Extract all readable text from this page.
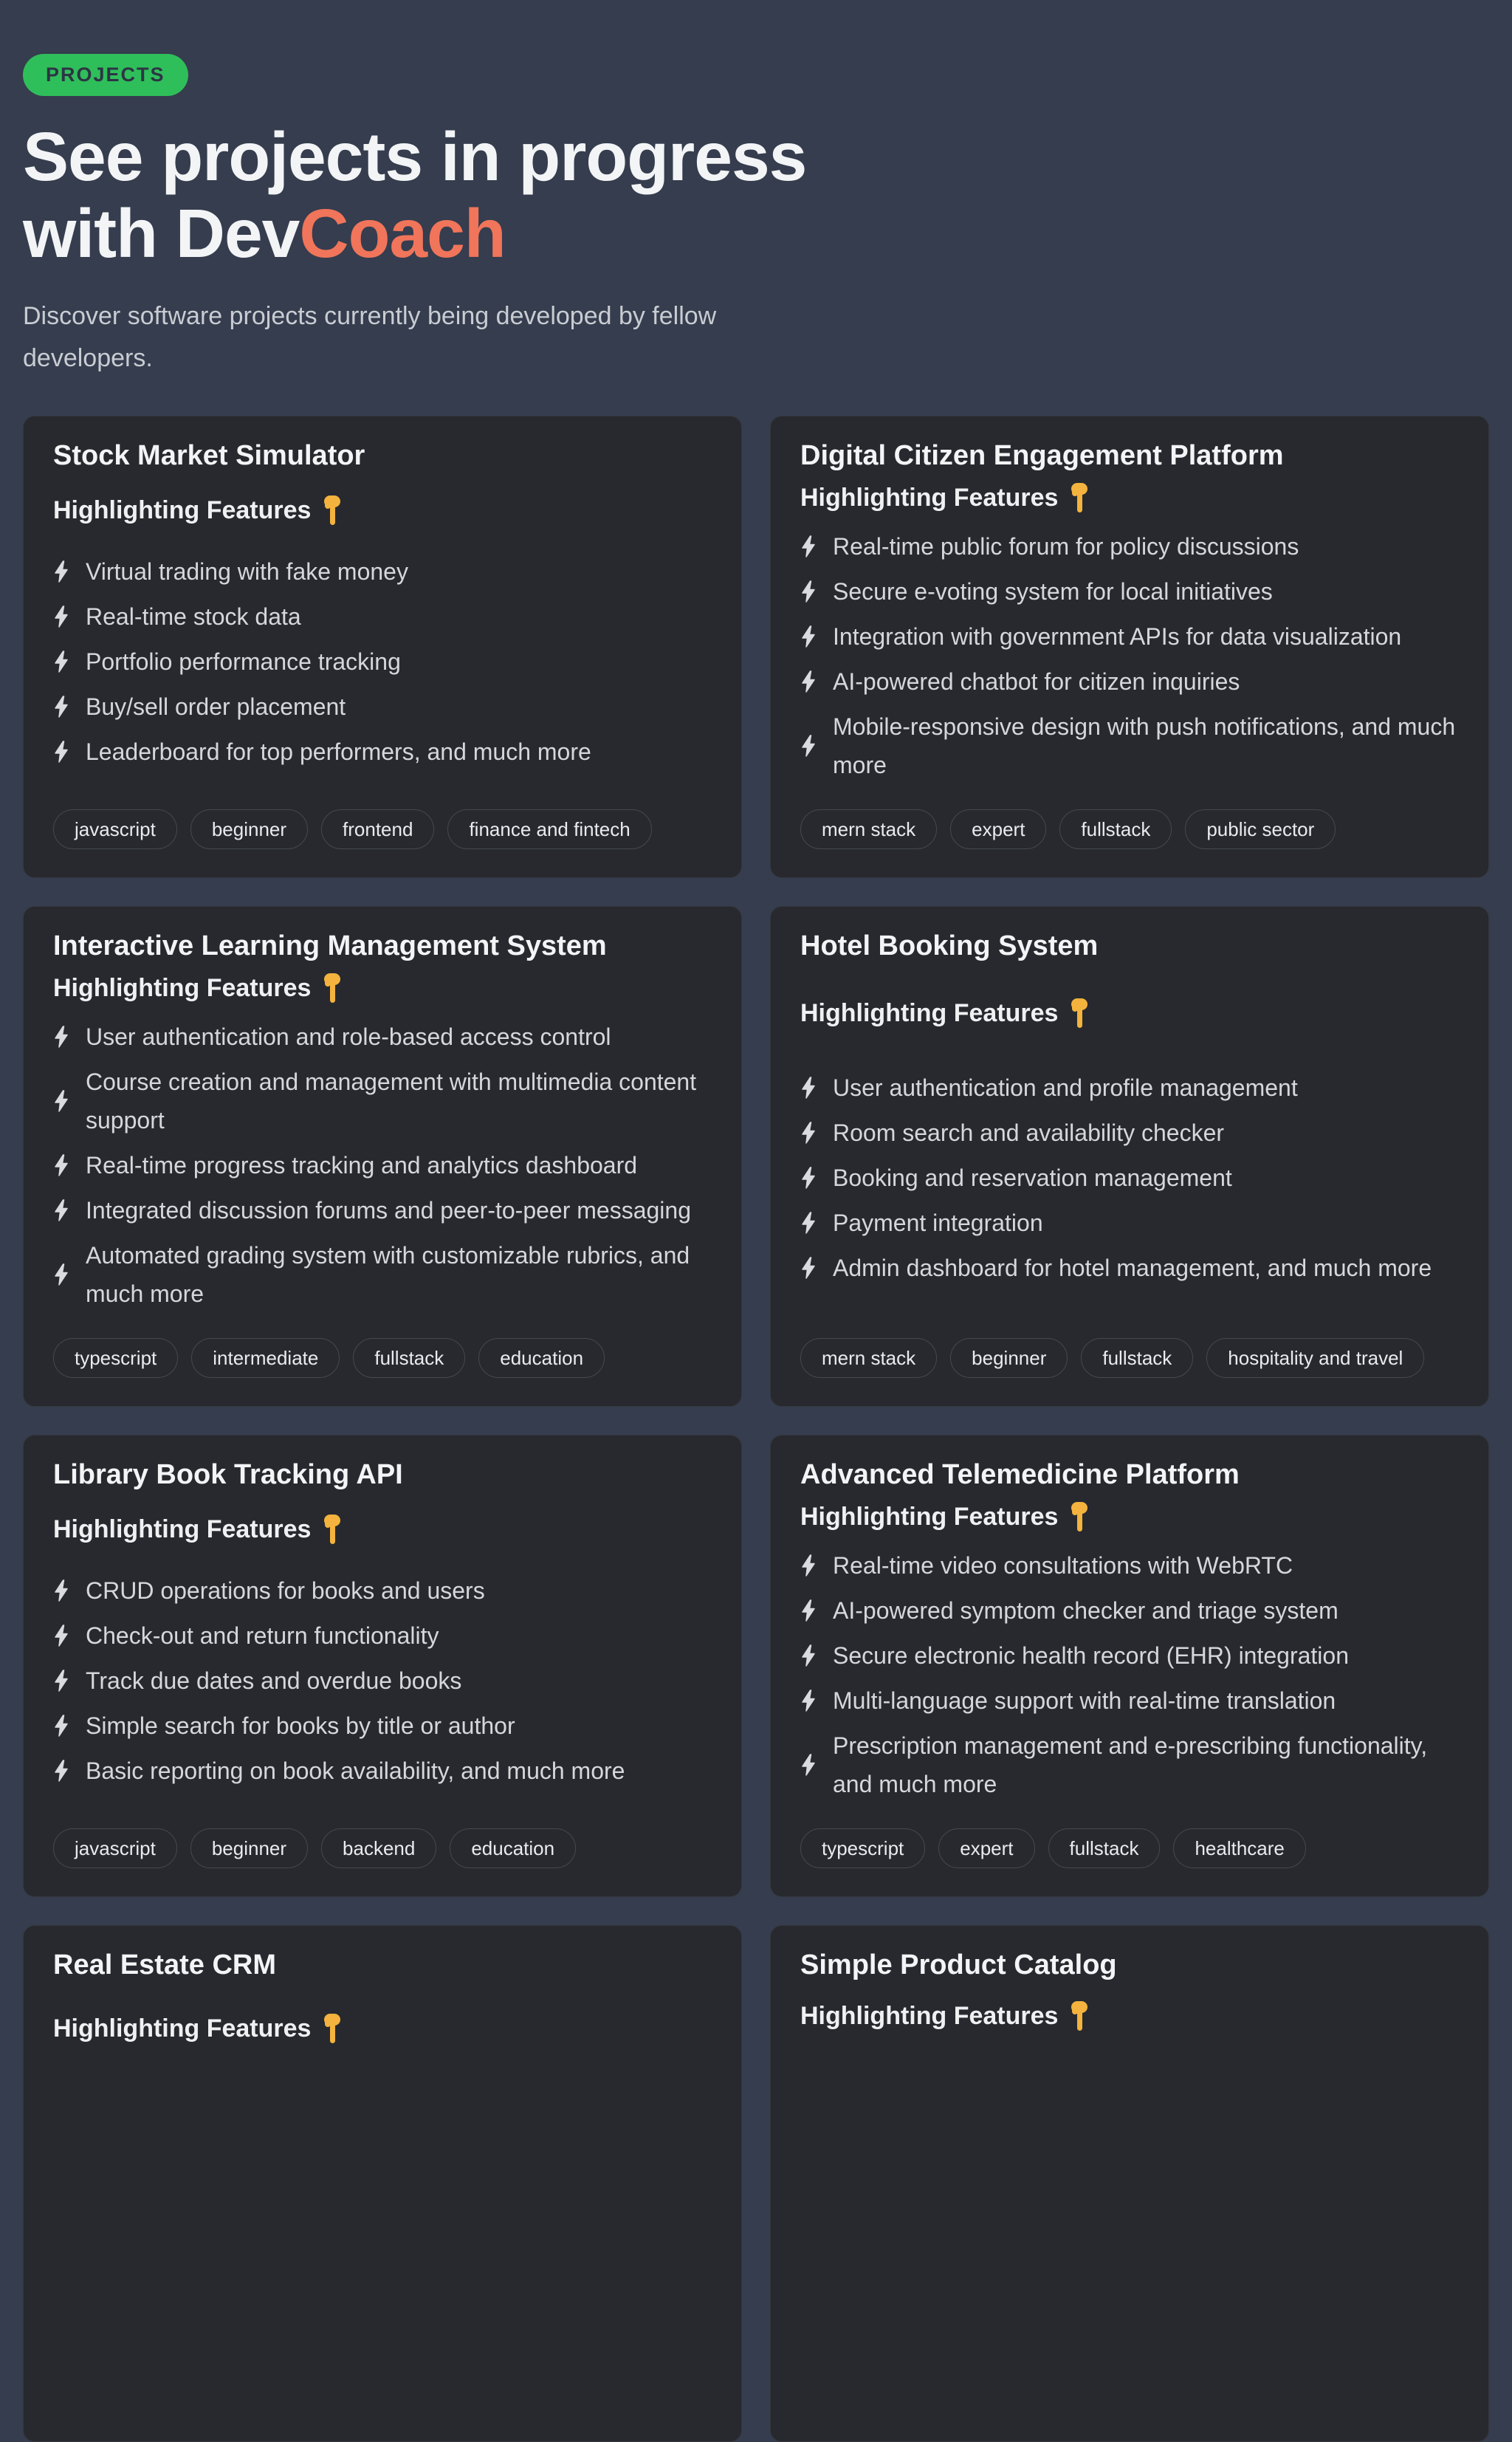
PROJECTS
See projects in progress
with DevCoach

Discover software projects currently being developed by fellow developers.

Stock Market Simulator
Highlighting Features
Virtual trading with fake money
Real-time stock data
Portfolio performance tracking
Buy/sell order placement
Leaderboard for top performers, and much more
javascript	beginner	frontend	finance and fintech
Digital Citizen Engagement Platform
Highlighting Features
Real-time public forum for policy discussions
Secure e-voting system for local initiatives
Integration with government APIs for data visualization
AI-powered chatbot for citizen inquiries
Mobile-responsive design with push notifications, and much more
mern stack	expert	fullstack	public sector
Interactive Learning Management System
Highlighting Features
User authentication and role-based access control
Course creation and management with multimedia content support
Real-time progress tracking and analytics dashboard
Integrated discussion forums and peer-to-peer messaging
Automated grading system with customizable rubrics, and much more
typescript	intermediate	fullstack	education
Hotel Booking System
Highlighting Features
User authentication and profile management
Room search and availability checker
Booking and reservation management
Payment integration
Admin dashboard for hotel management, and much more
mern stack	beginner	fullstack	hospitality and travel
Library Book Tracking API
Highlighting Features
CRUD operations for books and users
Check-out and return functionality
Track due dates and overdue books
Simple search for books by title or author
Basic reporting on book availability, and much more
javascript	beginner	backend	education
Advanced Telemedicine Platform
Highlighting Features
Real-time video consultations with WebRTC
AI-powered symptom checker and triage system
Secure electronic health record (EHR) integration
Multi-language support with real-time translation
Prescription management and e-prescribing functionality, and much more
typescript	expert	fullstack	healthcare
Real Estate CRM
Highlighting Features
Simple Product Catalog
Highlighting Features
